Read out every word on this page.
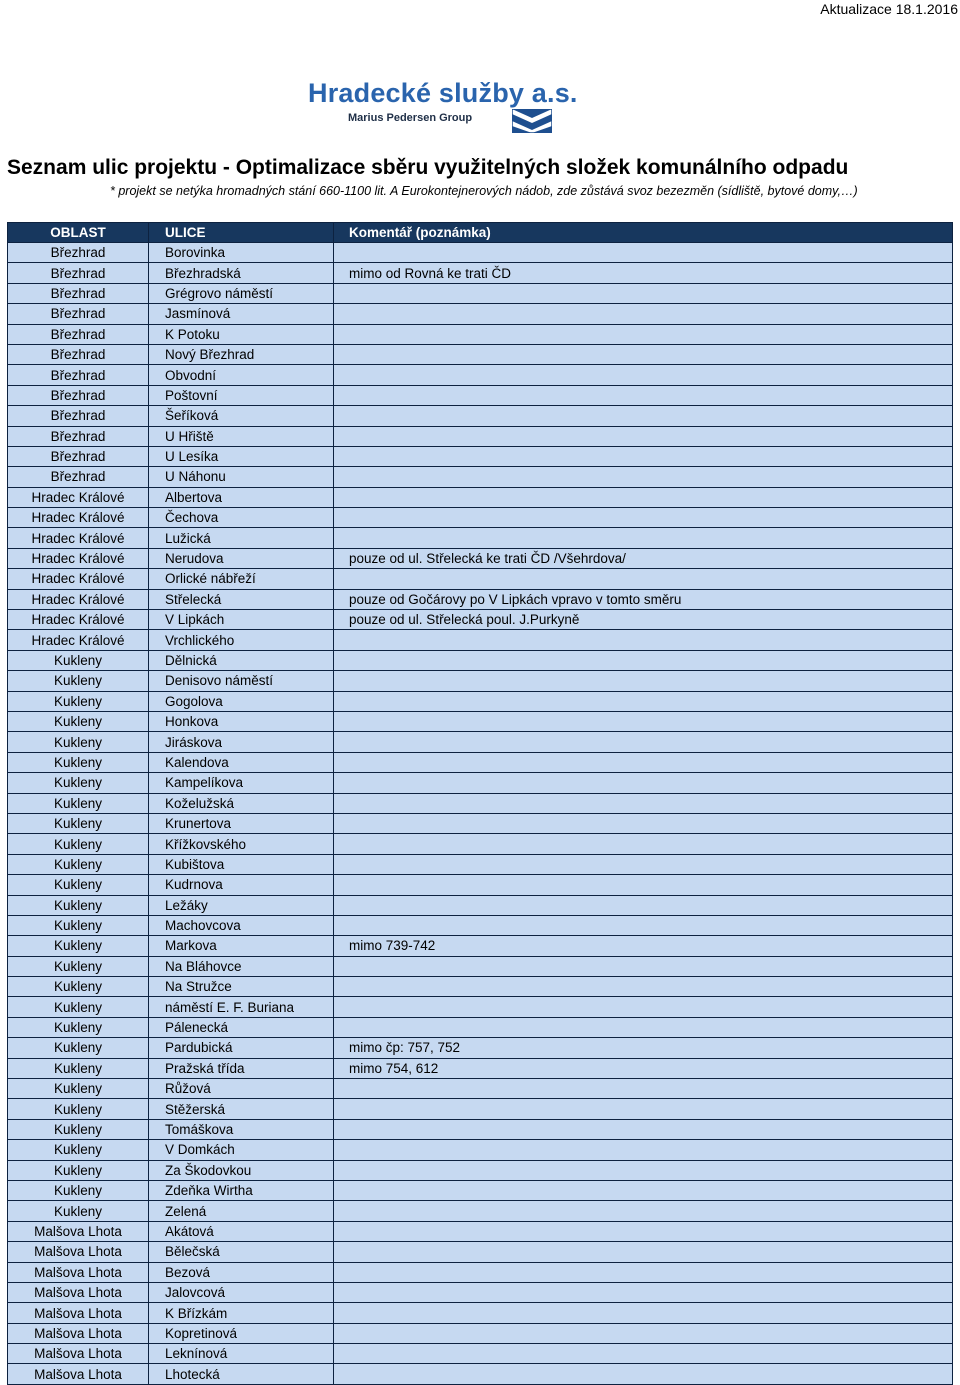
Aktualizace 18.1.2016
Hradecké služby a.s.
Marius Pedersen Group
Seznam ulic projektu - Optimalizace sběru využitelných složek komunálního odpadu
* projekt se netýka hromadných stání 660-1100 lit. A Eurokontejnerových nádob, zde zůstává svoz bezezměn (sídliště, bytové domy,…)
OBLAST	ULICE	Komentář (poznámka)
Březhrad	Borovinka	
Březhrad	Březhradská	mimo od Rovná ke trati ČD
Březhrad	Grégrovo náměstí	
Březhrad	Jasmínová	
Březhrad	K Potoku	
Březhrad	Nový Březhrad	
Březhrad	Obvodní	
Březhrad	Poštovní	
Březhrad	Šeříková	
Březhrad	U Hřiště	
Březhrad	U Lesíka	
Březhrad	U Náhonu	
Hradec Králové	Albertova	
Hradec Králové	Čechova	
Hradec Králové	Lužická	
Hradec Králové	Nerudova	pouze od ul. Střelecká ke trati ČD /Všehrdova/
Hradec Králové	Orlické nábřeží	
Hradec Králové	Střelecká	pouze od Gočárovy po V Lipkách vpravo v tomto směru
Hradec Králové	V Lipkách	pouze od ul. Střelecká poul. J.Purkyně
Hradec Králové	Vrchlického	
Kukleny	Dělnická	
Kukleny	Denisovo náměstí	
Kukleny	Gogolova	
Kukleny	Honkova	
Kukleny	Jiráskova	
Kukleny	Kalendova	
Kukleny	Kampelíkova	
Kukleny	Koželužská	
Kukleny	Krunertova	
Kukleny	Křížkovského	
Kukleny	Kubištova	
Kukleny	Kudrnova	
Kukleny	Ležáky	
Kukleny	Machovcova	
Kukleny	Markova	mimo 739-742
Kukleny	Na Bláhovce	
Kukleny	Na Stružce	
Kukleny	náměstí E. F. Buriana	
Kukleny	Pálenecká	
Kukleny	Pardubická	mimo čp: 757, 752
Kukleny	Pražská třída	mimo 754, 612
Kukleny	Růžová	
Kukleny	Stěžerská	
Kukleny	Tomáškova	
Kukleny	V Domkách	
Kukleny	Za Škodovkou	
Kukleny	Zdeňka Wirtha	
Kukleny	Zelená	
Malšova Lhota	Akátová	
Malšova Lhota	Bělečská	
Malšova Lhota	Bezová	
Malšova Lhota	Jalovcová	
Malšova Lhota	K Břízkám	
Malšova Lhota	Kopretinová	
Malšova Lhota	Leknínová	
Malšova Lhota	Lhotecká	
